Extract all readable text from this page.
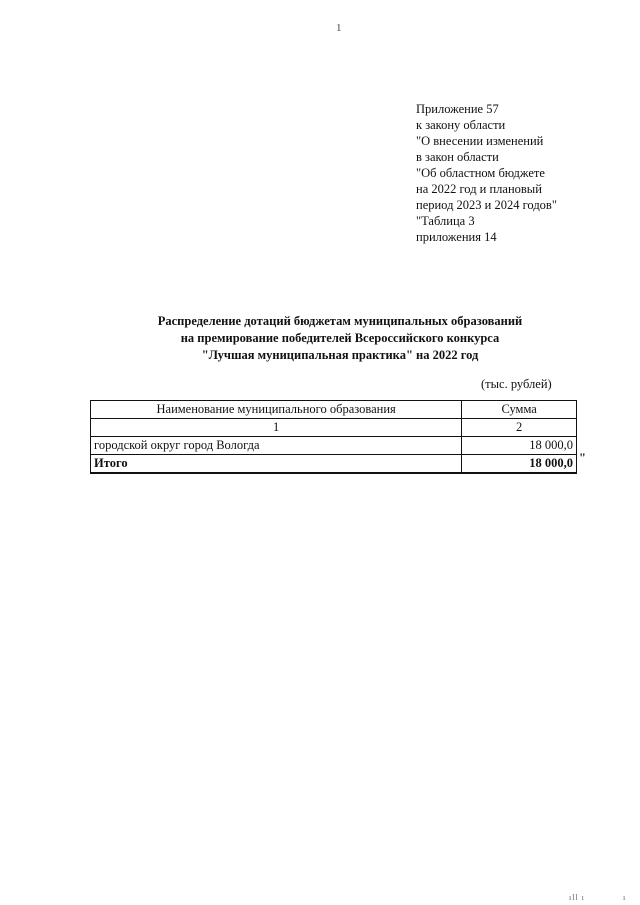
1
Приложение 57
к закону области
"О внесении изменений
в закон области
"Об областном бюджете
на 2022 год и плановый
период 2023 и 2024 годов"
"Таблица 3
приложения 14
Распределение дотаций бюджетам муниципальных образований
на премирование победителей Всероссийского конкурса
"Лучшая муниципальная практика" на 2022 год
(тыс. рублей)
Наименование муниципального образования	Сумма
1	2
городской округ город Вологда	18 000,0
Итого	18 000,0 "
ıll ı	ı
